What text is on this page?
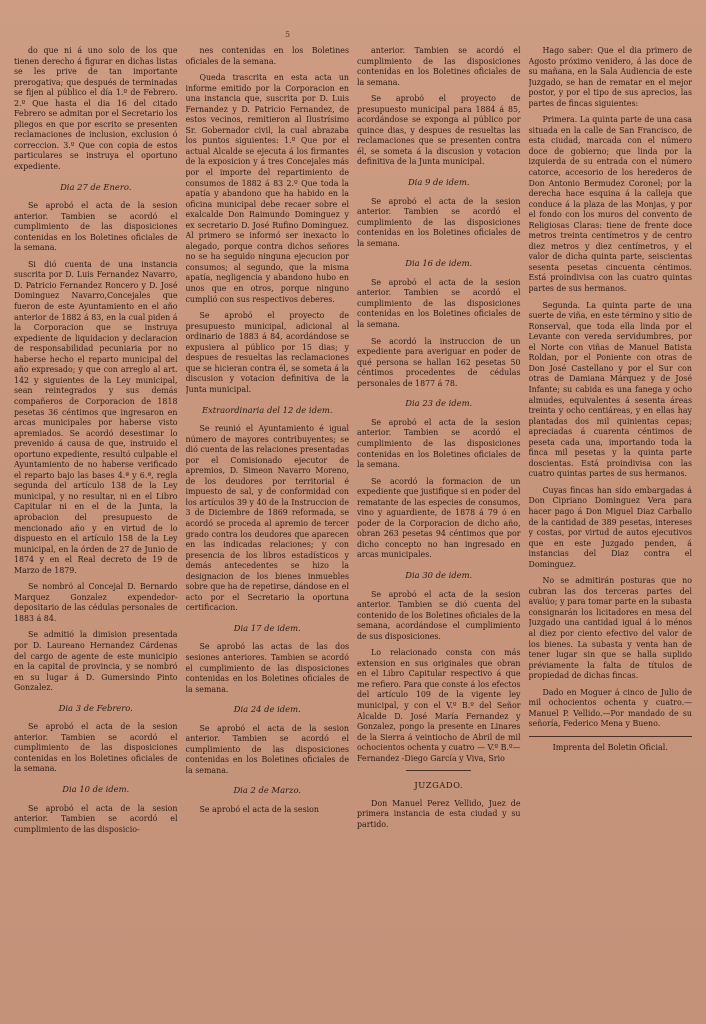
5

do que ni á uno solo de los que tienen derecho á figurar en dichas listas se les prive de tan importante prerogativa; que después de terminadas se fijen al público el día 1.º de Febrero. 2.º Que hasta el dia 16 del citado Febrero se admitan por el Secretario los pliegos en que por escrito se presenten reclamaciones de inclusion, exclusion ó correccion. 3.º Que con copia de estos particulares se instruya el oportuno expediente.

Dia 27 de Enero.

Se aprobó el acta de la sesion anterior. Tambien se acordó el cumplimiento de las disposiciones contenidas en los Boletines oficiales de la semana.

Si dió cuenta de una instancia suscrita por D. Luis Fernandez Navarro, D. Patricio Fernandez Roncero y D. José Dominguez Navarro,Concejales que fueron de este Ayuntamiento en el año anterior de 1882 á 83, en la cual piden á la Corporacion que se instruya expediente de liquidacion y declaracion de responsabilidad pecuniaria por no haberse hecho el reparto municipal del año expresado; y que con arreglo al art. 142 y siguientes de la Ley municipal, sean reintegrados y sus demás compañeros de Corporacion de 1818 pesetas 36 céntimos que ingresaron en arcas municipales por haberse visto apremiados. Se acordó desestimar lo prevenido á causa de que, instruido el oportuno expediente, resultó culpable el Ayuntamiento de no haberse verificado el reparto bajo las bases 4.ª y 6.ª, regla segunda del artículo 138 de la Ley municipal, y no resultar, ni en el Libro Capitular ni en el de la Junta, la aprobacion del presupuesto de mencionado año y en virtud de lo dispuesto en el artículo 158 de la Ley municipal, en la órden de 27 de Junio de 1874 y en el Real decreto de 19 de Marzo de 1879.

Se nombró al Concejal D. Bernardo Marquez Gonzalez expendedor-depositario de las cédulas personales de 1883 á 84.

Se admitió la dimision presentada por D. Laureano Hernandez Cárdenas del cargo de agente de este municipio en la capital de provincia, y se nombró en su lugar á D. Gumersindo Pinto Gonzalez.

Dia 3 de Febrero.

Se aprobó el acta de la sesion anterior. Tambien se acordó el cumplimiento de las disposiciones contenidas en los Boletines oficiales de la semana.

Dia 10 de idem.

Se aprobó el acta de la sesion anterior. Tambien se acordó el cumplimiento de las disposicio-

nes contenidas en los Boletines oficiales de la semana.

Queda trascrita en esta acta un informe emitido por la Corporacion en una instancia que, suscrita por D. Luis Fernandez y D. Patricio Fernandez, de estos vecinos, remitieron al Ilustrísimo Sr. Gobernador civil, la cual abrazaba los puntos siguientes: 1.º Que por el actual Alcalde se ejecuta á los firmantes de la exposicion y á tres Concejales más por el importe del repartimiento de consumos de 1882 á 83 2.º Que toda la apatía y abandono que ha habido en la oficina municipal debe recaer sobre el exalcalde Don Raimundo Dominguez y ex secretario D. José Rufino Dominguez. Al primero se informó ser inexacto lo alegado, porque contra dichos señores no se ha seguido ninguna ejecucion por consumos; al segundo, que la misma apatía, negligencia y abandono hubo en unos que en otros, porque ninguno cumplió con sus respectivos deberes.

Se aprobó el proyecto de presupuesto municipal, adicional al ordinario de 1883 á 84, acordándose se expusiera al público por 15 dias; y despues de resueltas las reclamaciones que se hicieran contra él, se someta á la discusion y votacion definitiva de la Junta municipal.

Extraordinaria del 12 de idem.

Se reunió el Ayuntamiento é igual número de mayores contribuyentes; se dió cuenta de las relaciones presentadas por el Comisionado ejecutor de apremios, D. Simeon Navarro Moreno, de los deudores por territorial é impuesto de sal, y de conformidad con los artículos 39 y 40 de la Instruccion de 3 de Diciembre de 1869 reformada, se acordó se proceda al apremio de tercer grado contra los deudores que aparecen en las indicadas relaciones; y con presencia de los libros estadísticos y demás antecedentes se hizo la designacion de los bienes inmuebles sobre que ha de repetirse, dándose en el acto por el Secretario la oportuna certificacion.

Dia 17 de idem.

Se aprobó las actas de las dos sesiones anteriores. Tambien se acordó el cumplimiento de las disposiciones contenidas en los Boletines oficiales de la semana.

Dia 24 de idem.

Se aprobó el acta de la sesion anterior. Tambien se acordó el cumplimiento de las disposiciones contenidas en los Boletines oficiales de la semana.

Dia 2 de Marzo.

Se aprobó el acta de la sesion

anterior. Tambien se acordó el cumplimiento de las disposiciones contenidas en los Boletines oficiales de la semana.

Se aprobó el proyecto de presupuesto municipal para 1884 á 85, acordándose se exponga al público por quince dias, y despues de resueltas las reclamaciones que se presenten contra él, se someta á la discusion y votacion definitiva de la Junta municipal.

Dia 9 de idem.

Se aprobó el acta de la sesion anterior. Tambien se acordó el cumplimiento de las disposiciones contenidas en los Boletines oficiales de la semana.

Dia 16 de idem.

Se aprobó el acta de la sesion anterior. Tambien se acordó el cumplimiento de las disposiciones contenidas en los Boletines oficiales de la semana.

Se acordó la instruccion de un expediente para averiguar en poder de qué persona se hallan 162 pesetas 50 céntimos procedentes de cédulas personales de 1877 á 78.

Dia 23 de idem.

Se aprobó el acta de la sesion anterior. Tambien se acordó el cumplimiento de las disposiciones contenidas en los Boletines oficiales de la semana.

Se acordó la formacion de un expediente que justifique si en poder del rematante de las especies de consumos, vino y aguardiente, de 1878 á 79 ó en poder de la Corporacion de dicho año, obran 263 pesetas 94 céntimos que por dicho concepto no han ingresado en arcas municipales.

Dia 30 de idem.

Se aprobó el acta de la sesion anterior. Tambien se dió cuenta del contenido de los Boletines oficiales de la semana, acordándose el cumplimiento de sus disposiciones.

Lo relacionado consta con más extension en sus originales que obran en el Libro Capitular respectivo á que me refiero. Para que conste á los efectos del artículo 109 de la vigente ley municipal, y con el V.º B.º del Señor Alcalde D. José María Fernandez y Gonzalez, pongo la presente en Linares de la Sierra á veintiocho de Abril de mil ochocientos ochenta y cuatro — V.º B.º—Fernandez -Diego García y Viva, Srio

JUZGADO.

Don Manuel Perez Vellido, Juez de primera instancia de esta ciudad y su partido.

Hago saber: Que el dia primero de Agosto próximo venidero, á las doce de su mañana, en la Sala Audiencia de este Juzgado, se han de rematar en el mejor postor, y por el tipo de sus aprecios, las partes de fincas siguientes:

Primera. La quinta parte de una casa situada en la calle de San Francisco, de esta ciudad, marcada con el número doce de gobierno; que linda por la izquierda de su entrada con el número catorce, accesorio de los herederos de Don Antonio Bermudez Coronel; por la derecha hace esquina á la calleja que conduce á la plaza de las Monjas, y por el fondo con los muros del convento de Religiosas Claras: tiene de frente doce metros treinta centímetros y de centro diez metros y diez centímetros, y el valor de dicha quinta parte, seiscientas sesenta pesetas cincuenta céntimos. Está proindivisa con las cuatro quintas partes de sus hermanos.

Segunda. La quinta parte de una suerte de viña, en este término y sitio de Ronserval, que toda ella linda por el Levante con vereda servidumbres, por el Norte con viñas de Manuel Batista Roldan, por el Poniente con otras de Don José Castellano y por el Sur con otras de Damiana Márquez y de José Infante; su cabida es una fanega y ocho almudes, equivalentes á sesenta áreas treinta y ocho centiáreas, y en ellas hay plantadas dos mil quinientas cepas; apreciadas á cuarenta céntimos de peseta cada una, importando toda la finca mil pesetas y la quinta parte doscientas. Está proindivisa con las cuatro quintas partes de sus hermanos.

Cuyas fincas han sido embargadas á Don Cipriano Dominguez Vera para hacer pago á Don Miguel Diaz Carballo de la cantidad de 389 pesetas, intereses y costas, por virtud de autos ejecutivos que en este Juzgado penden, á instancias del Diaz contra el Dominguez.

No se admitirán posturas que no cubran las dos terceras partes del avalúo; y para tomar parte en la subasta consignarán los licitadores en mesa del Juzgado una cantidad igual á lo ménos al diez por ciento efectivo del valor de los bienes. La subasta y venta han de tener lugar sin que se halla suplido préviamente la falta de títulos de propiedad de dichas fincas.

Dado en Moguer á cinco de Julio de mil ochocientos ochenta y cuatro.—Manuel P. Vellido.—Por mandado de su señoría, Federico Mena y Bueno.

Imprenta del Boletin Oficial.
